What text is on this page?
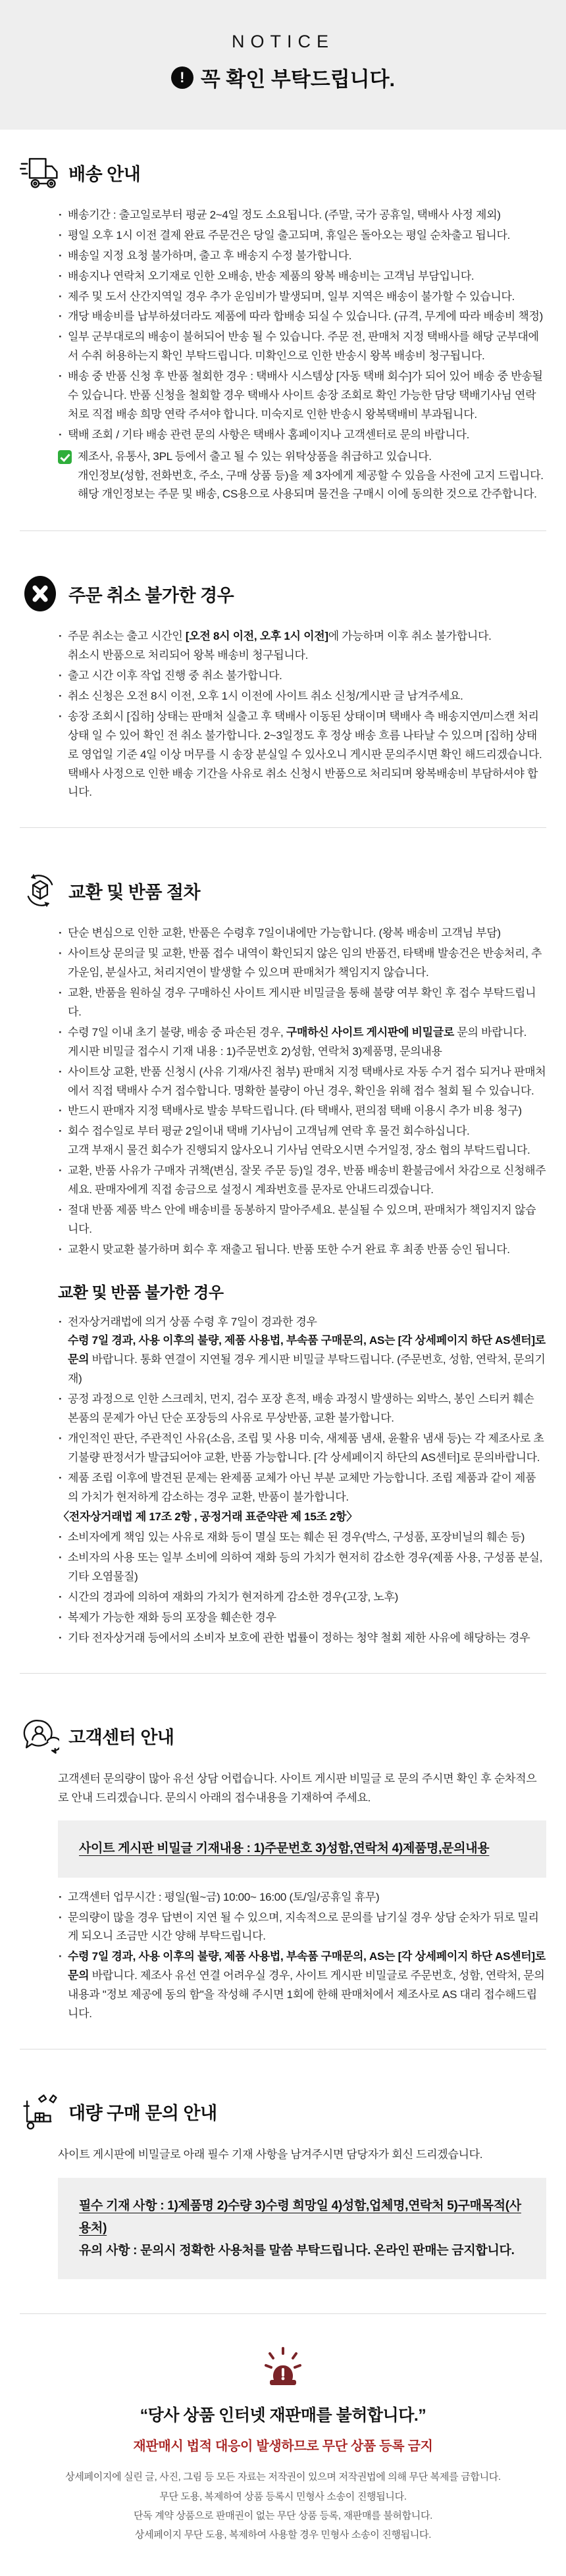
NOTICE
!
꼭 확인 부탁드립니다.
배송 안내
· 배송기간 : 출고일로부터 평균 2~4일 정도 소요됩니다. (주말, 국가 공휴일, 택배사 사정 제외)
· 평일 오후 1시 이전 결제 완료 주문건은 당일 출고되며, 휴일은 돌아오는 평일 순차출고 됩니다.
· 배송일 지정 요청 불가하며, 출고 후 배송지 수정 불가합니다.
· 배송지나 연락처 오기재로 인한 오배송, 반송 제품의 왕복 배송비는 고객님 부담입니다.
· 제주 및 도서 산간지역일 경우 추가 운임비가 발생되며, 일부 지역은 배송이 불가할 수 있습니다.
· 개당 배송비를 납부하셨더라도 제품에 따라 합배송 되실 수 있습니다. (규격, 무게에 따라 배송비 책정)
· 일부 군부대로의 배송이 불허되어 반송 될 수 있습니다. 주문 전, 판매처 지정 택배사를 해당 군부대에서 수취 허용하는지 확인 부탁드립니다. 미확인으로 인한 반송시 왕복 배송비 청구됩니다.
· 배송 중 반품 신청 후 반품 철회한 경우 : 택배사 시스템상 [자동 택배 회수]가 되어 있어 배송 중 반송될 수 있습니다. 반품 신청을 철회할 경우 택배사 사이트 송장 조회로 확인 가능한 담당 택배기사님 연락처로 직접 배송 희망 연락 주셔야 합니다. 미숙지로 인한 반송시 왕복택배비 부과됩니다.
· 택배 조회 / 기타 배송 관련 문의 사항은 택배사 홈페이지나 고객센터로 문의 바랍니다.
제조사, 유통사, 3PL 등에서 출고 될 수 있는 위탁상품을 취급하고 있습니다.
개인정보(성함, 전화번호, 주소, 구매 상품 등)을 제 3자에게 제공할 수 있음을 사전에 고지 드립니다.
해당 개인정보는 주문 및 배송, CS용으로 사용되며 물건을 구매시 이에 동의한 것으로 간주합니다.
주문 취소 불가한 경우
· 주문 취소는 출고 시간인 [오전 8시 이전, 오후 1시 이전]에 가능하며 이후 취소 불가합니다.
취소시 반품으로 처리되어 왕복 배송비 청구됩니다.
· 출고 시간 이후 작업 진행 중 취소 불가합니다.
· 취소 신청은 오전 8시 이전, 오후 1시 이전에 사이트 취소 신청/게시판 글 남겨주세요.
· 송장 조회시 [집하] 상태는 판매처 실출고 후 택배사 이동된 상태이며 택배사 측 배송지연/미스캔 처리 상태 일 수 있어 확인 전 취소 불가합니다. 2~3일정도 후 정상 배송 흐름 나타날 수 있으며 [집하] 상태로 영업일 기준 4일 이상 머무를 시 송장 분실일 수 있사오니 게시판 문의주시면 확인 해드리겠습니다. 택배사 사정으로 인한 배송 기간을 사유로 취소 신청시 반품으로 처리되며 왕복배송비 부담하셔야 합니다.
교환 및 반품 절차
· 단순 변심으로 인한 교환, 반품은 수령후 7일이내에만 가능합니다. (왕복 배송비 고객님 부담)
· 사이트상 문의글 및 교환, 반품 접수 내역이 확인되지 않은 임의 반품건, 타택배 발송건은 반송처리, 추가운임, 분실사고, 처리지연이 발생할 수 있으며 판매처가 책임지지 않습니다.
· 교환, 반품을 원하실 경우 구매하신 사이트 게시판 비밀글을 통해 불량 여부 확인 후 접수 부탁드립니다.
· 수령 7일 이내 초기 불량, 배송 중 파손된 경우, 구매하신 사이트 게시판에 비밀글로 문의 바랍니다.
게시판 비밀글 접수시 기재 내용 : 1)주문번호 2)성함, 연락처 3)제품명, 문의내용
· 사이트상 교환, 반품 신청시 (사유 기재/사진 첨부) 판매처 지정 택배사로 자동 수거 접수 되거나 판매처에서 직접 택배사 수거 접수합니다. 명확한 불량이 아닌 경우, 확인을 위해 접수 철회 될 수 있습니다.
· 반드시 판매자 지정 택배사로 발송 부탁드립니다. (타 택배사, 편의점 택배 이용시 추가 비용 청구)
· 회수 접수일로 부터 평균 2일이내 택배 기사님이 고객님께 연락 후 물건 회수하십니다.
고객 부재시 물건 회수가 진행되지 않사오니 기사님 연락오시면 수거일정, 장소 협의 부탁드립니다.
· 교환, 반품 사유가 구매자 귀책(변심, 잘못 주문 등)일 경우, 반품 배송비 환불금에서 차감으로 신청해주세요. 판매자에게 직접 송금으로 설정시 계좌번호를 문자로 안내드리겠습니다.
· 절대 반품 제품 박스 안에 배송비를 동봉하지 말아주세요. 분실될 수 있으며, 판매처가 책임지지 않습니다.
· 교환시 맞교환 불가하며 회수 후 재출고 됩니다. 반품 또한 수거 완료 후 최종 반품 승인 됩니다.
교환 및 반품 불가한 경우
· 전자상거래법에 의거 상품 수령 후 7일이 경과한 경우
수령 7일 경과, 사용 이후의 불량, 제품 사용법, 부속품 구매문의, AS는 [각 상세페이지 하단 AS센터]로 문의 바랍니다. 통화 연결이 지연될 경우 게시판 비밀글 부탁드립니다. (주문번호, 성함, 연락처, 문의기재)
· 공정 과정으로 인한 스크레치, 먼지, 검수 포장 흔적, 배송 과정시 발생하는 외박스, 봉인 스티커 훼손 본품의 문제가 아닌 단순 포장등의 사유로 무상반품, 교환 불가합니다.
· 개인적인 판단, 주관적인 사유(소음, 조립 및 사용 미숙, 새제품 냄새, 윤활유 냄새 등)는 각 제조사로 초기불량 판정서가 발급되어야 교환, 반품 가능합니다. [각 상세페이지 하단의 AS센터]로 문의바랍니다.
· 제품 조립 이후에 발견된 문제는 완제품 교체가 아닌 부분 교체만 가능합니다. 조립 제품과 같이 제품의 가치가 현저하게 감소하는 경우 교환, 반품이 불가합니다.
〈전자상거래법 제 17조 2항 , 공정거래 표준약관 제 15조 2항〉
· 소비자에게 책임 있는 사유로 재화 등이 멸실 또는 훼손 된 경우(박스, 구성품, 포장비닐의 훼손 등)
· 소비자의 사용 또는 일부 소비에 의하여 재화 등의 가치가 현저히 감소한 경우(제품 사용, 구성품 분실, 기타 오염물질)
· 시간의 경과에 의하여 재화의 가치가 현저하게 감소한 경우(고장, 노후)
· 복제가 가능한 재화 등의 포장을 훼손한 경우
· 기타 전자상거래 등에서의 소비자 보호에 관한 법률이 정하는 청약 철회 제한 사유에 해당하는 경우
고객센터 안내
고객센터 문의량이 많아 유선 상담 어렵습니다. 사이트 게시판 비밀글 로 문의 주시면 확인 후 순차적으로 안내 드리겠습니다. 문의시 아래의 접수내용을 기재하여 주세요.
사이트 게시판 비밀글 기재내용 : 1)주문번호 3)성함,연락처 4)제품명,문의내용
· 고객센터 업무시간 : 평일(월~금) 10:00~ 16:00 (토/일/공휴일 휴무)
· 문의량이 많을 경우 답변이 지연 될 수 있으며, 지속적으로 문의를 남기실 경우 상담 순차가 뒤로 밀리게 되오니 조금만 시간 양해 부탁드립니다.
· 수령 7일 경과, 사용 이후의 불량, 제품 사용법, 부속품 구매문의, AS는 [각 상세페이지 하단 AS센터]로 문의 바랍니다. 제조사 유선 연결 어려우실 경우, 사이트 게시판 비밀글로 주문번호, 성함, 연락처, 문의내용과 "정보 제공에 동의 함"을 작성해 주시면 1회에 한해 판매처에서 제조사로 AS 대리 접수해드립니다.
대량 구매 문의 안내
사이트 게시판에 비밀글로 아래 필수 기재 사항을 남겨주시면 담당자가 회신 드리겠습니다.
필수 기재 사항 : 1)제품명 2)수량 3)수령 희망일 4)성함,업체명,연락처 5)구매목적(사용처)
유의 사항 : 문의시 정확한 사용처를 말씀 부탁드립니다. 온라인 판매는 금지합니다.
“당사 상품 인터넷 재판매를 불허합니다.”
재판매시 법적 대응이 발생하므로 무단 상품 등록 금지
상세페이지에 실린 글, 사진, 그림 등 모든 자료는 저작권이 있으며 저작권법에 의해 무단 복제를 금합니다.
무단 도용, 복제하여 상품 등록시 민형사 소송이 진행됩니다.
단독 계약 상품으로 판매권이 없는 무단 상품 등록, 재판매를 불허합니다.
상세페이지 무단 도용, 복제하여 사용할 경우 민형사 소송이 진행됩니다.
